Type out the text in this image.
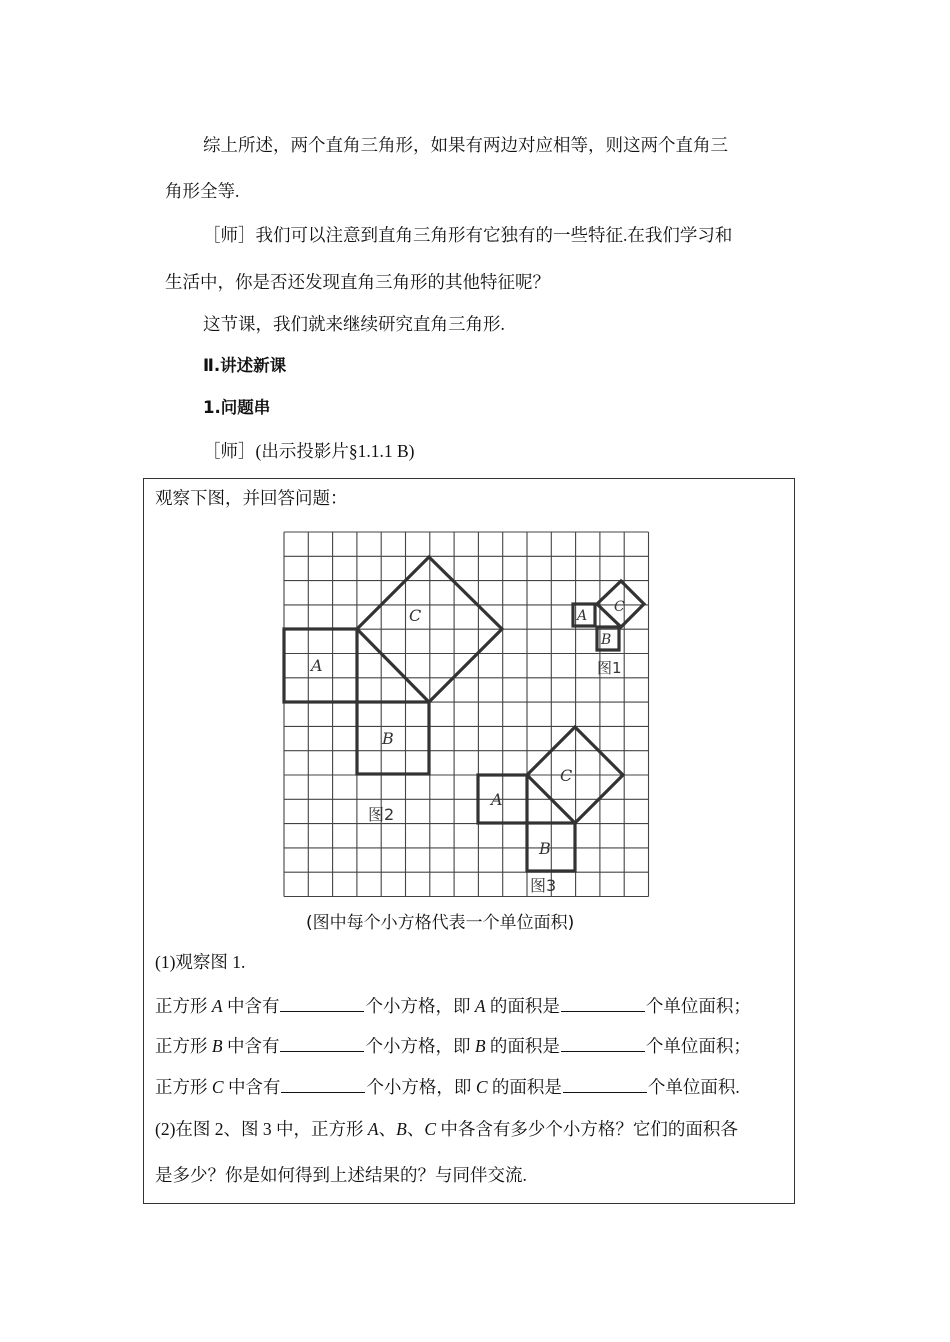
综上所述，两个直角三角形，如果有两边对应相等，则这两个直角三
角形全等.
［师］我们可以注意到直角三角形有它独有的一些特征.在我们学习和
生活中，你是否还发现直角三角形的其他特征呢？
这节课，我们就来继续研究直角三角形.
Ⅱ.讲述新课
1.问题串
［师］(出示投影片§1.1.1 B)
观察下图，并回答问题：
A
B
C
A
B
C
A
B
C
图1
图2
图3
(图中每个小方格代表一个单位面积)
(1)观察图 1.
正方形 A 中含有	个小方格，即 A 的面积是	个单位面积；
正方形 B 中含有	个小方格，即 B 的面积是	个单位面积；
正方形 C 中含有	个小方格，即 C 的面积是	个单位面积.
(2)在图 2、图 3 中，正方形 A、B、C 中各含有多少个小方格？它们的面积各
是多少？你是如何得到上述结果的？与同伴交流.
